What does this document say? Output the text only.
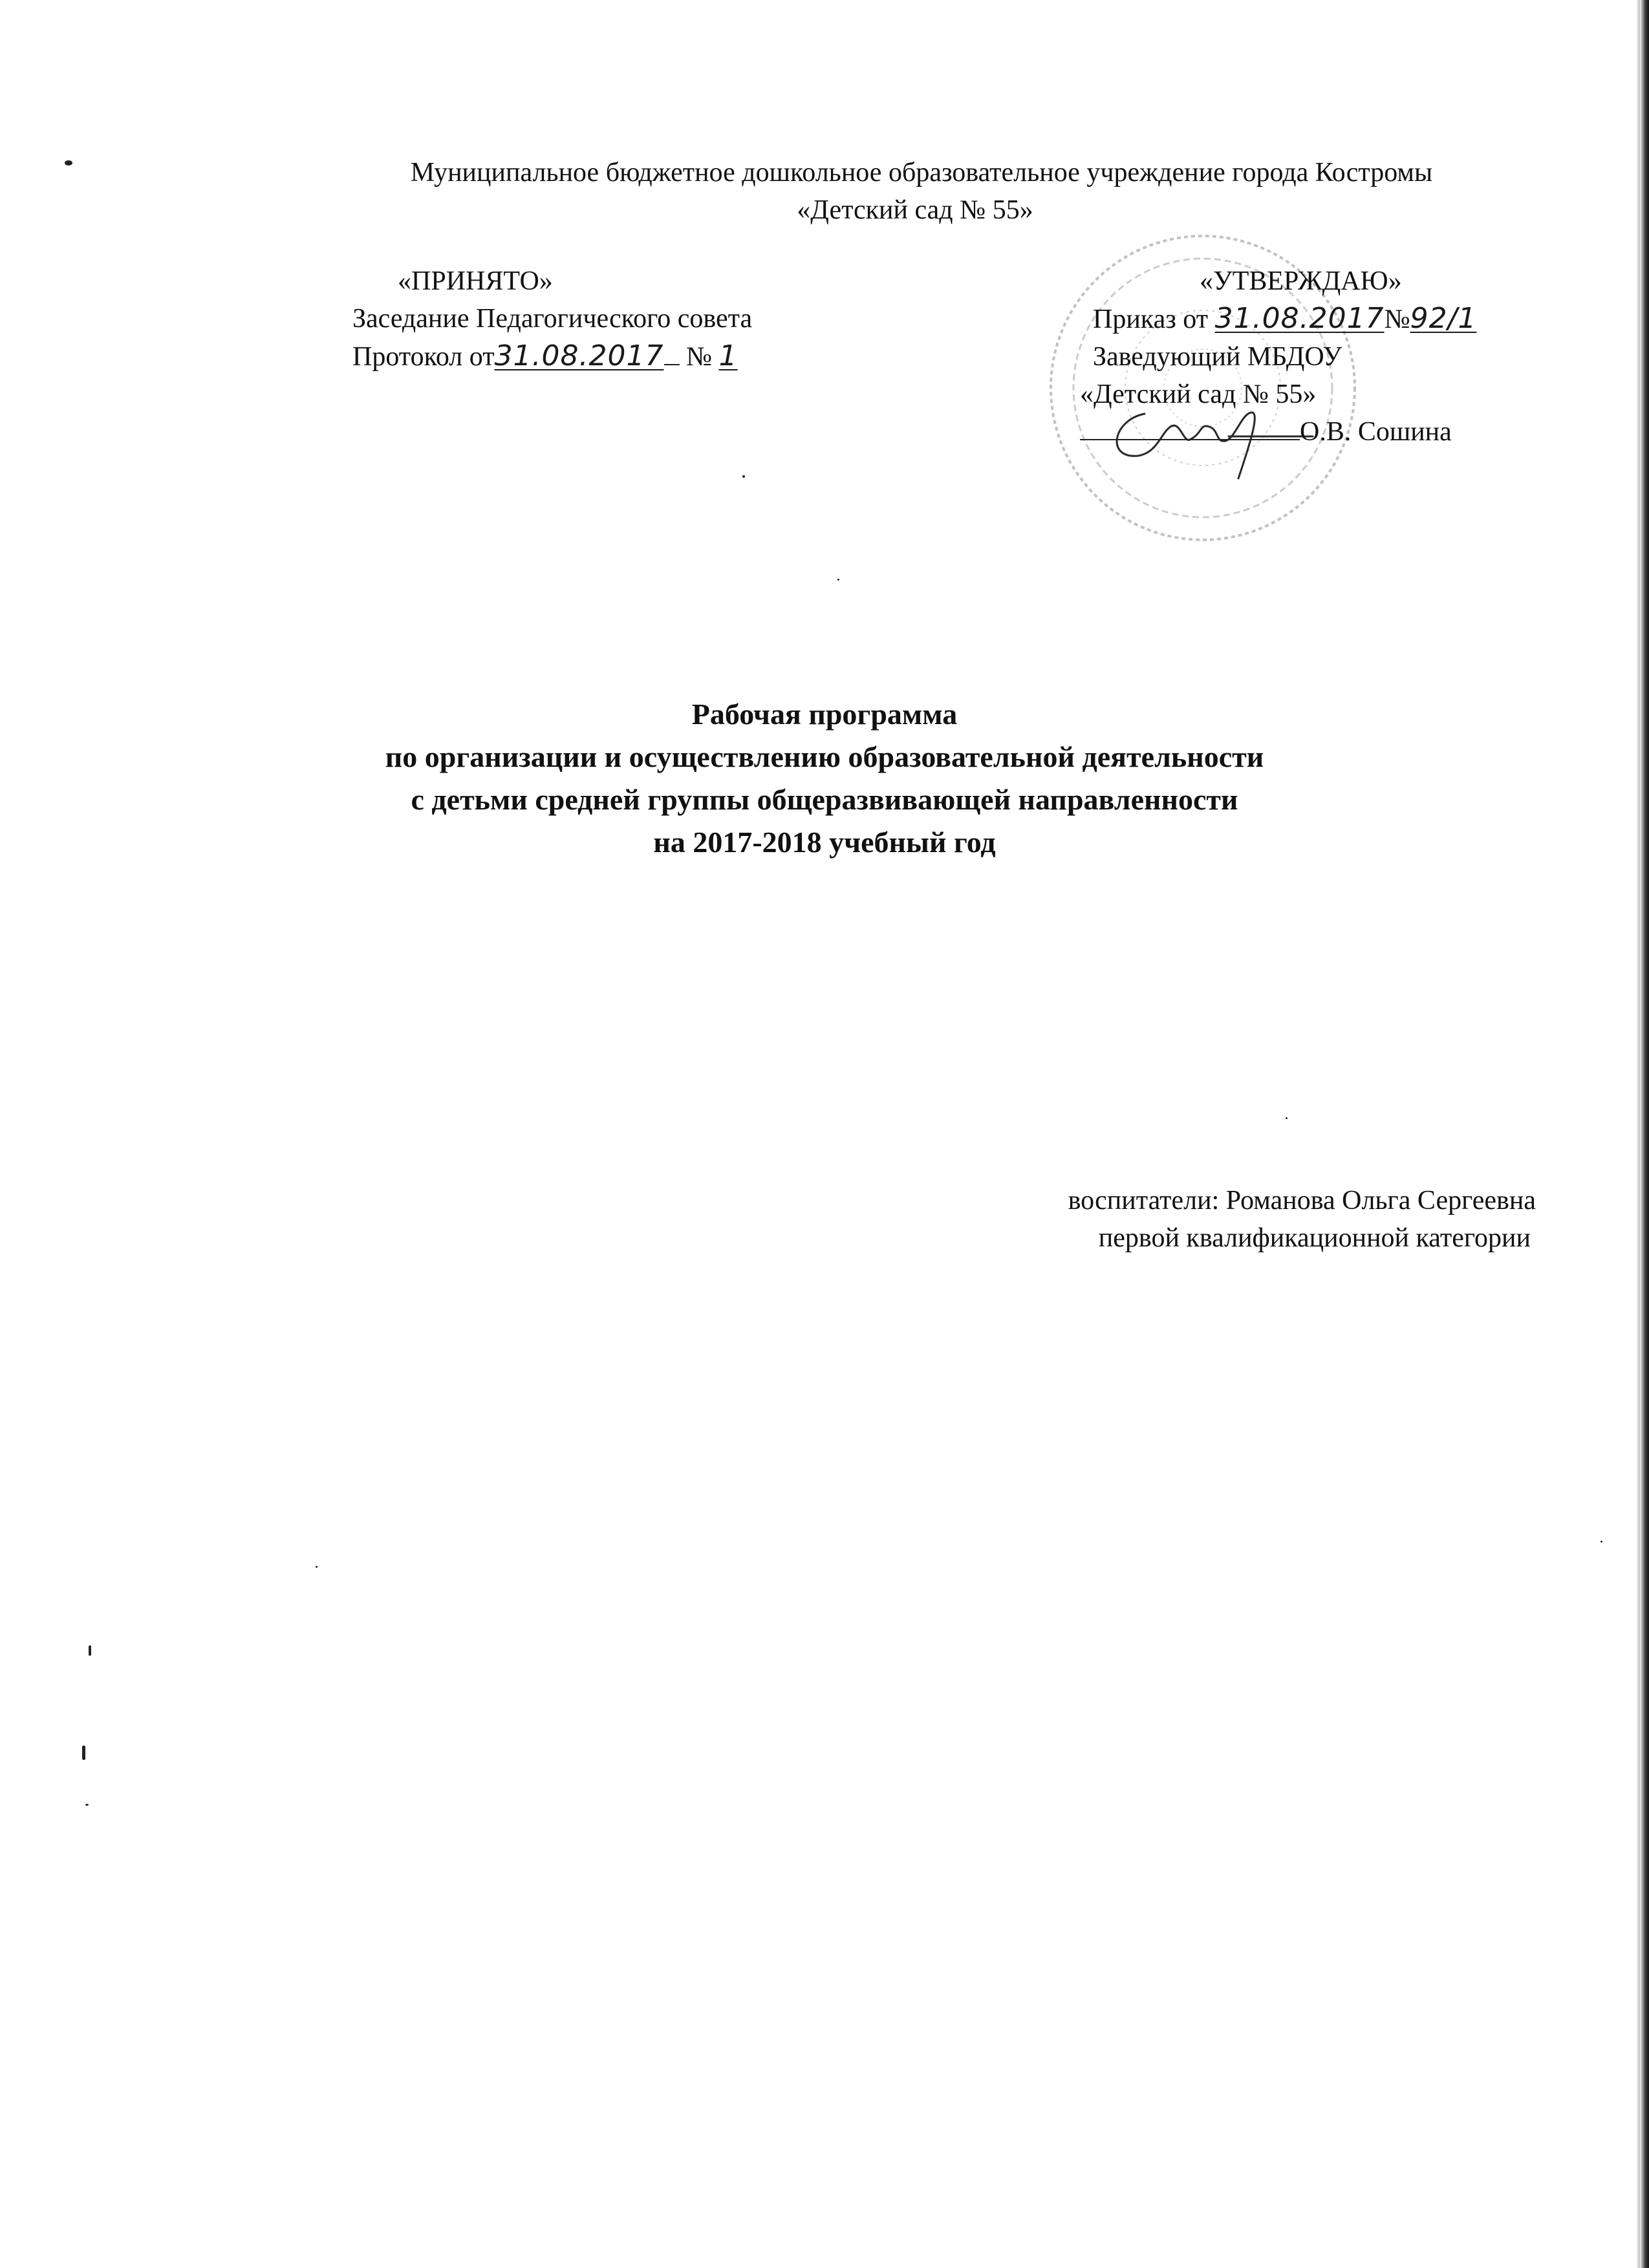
Муниципальное бюджетное дошкольное образовательное учреждение города Костромы
«Детский сад № 55»
«ПРИНЯТО»
Заседание Педагогического совета
Протокол от31.08.2017 № 1
«УТВЕРЖДАЮ»
Приказ от 31.08.2017№92/1
Заведующий МБДОУ
«Детский сад № 55»
О.В. Сошина
Рабочая программа
по организации и осуществлению образовательной деятельности
с детьми средней группы общеразвивающей направленности
на 2017-2018 учебный год
воспитатели: Романова Ольга Сергеевна
первой квалификационной категории
